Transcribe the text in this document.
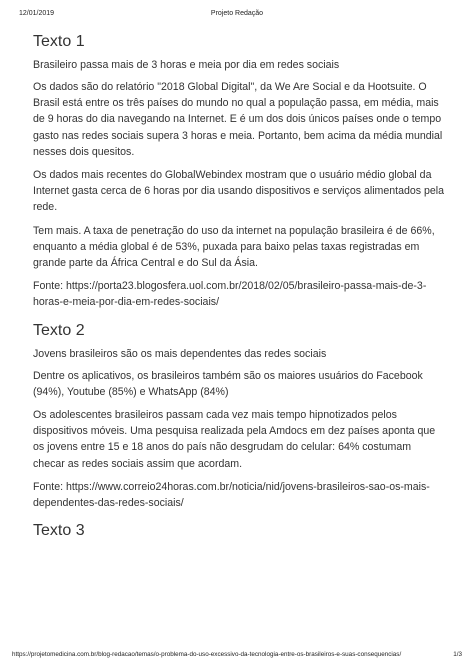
12/01/2019	Projeto Redação
Texto 1

Brasileiro passa mais de 3 horas e meia por dia em redes sociais

Os dados são do relatório "2018 Global Digital", da We Are Social e da Hootsuite. O Brasil está entre os três países do mundo no qual a população passa, em média, mais de 9 horas do dia navegando na Internet. E é um dos dois únicos países onde o tempo gasto nas redes sociais supera 3 horas e meia. Portanto, bem acima da média mundial nesses dois quesitos.

Os dados mais recentes do GlobalWebindex mostram que o usuário médio global da Internet gasta cerca de 6 horas por dia usando dispositivos e serviços alimentados pela rede.

Tem mais. A taxa de penetração do uso da internet na população brasileira é de 66%, enquanto a média global é de 53%, puxada para baixo pelas taxas registradas em grande parte da África Central e do Sul da Ásia.

Fonte: https://porta23.blogosfera.uol.com.br/2018/02/05/brasileiro-passa-mais-de-3-horas-e-meia-por-dia-em-redes-sociais/

Texto 2

Jovens brasileiros são os mais dependentes das redes sociais

Dentre os aplicativos, os brasileiros também são os maiores usuários do Facebook (94%), Youtube (85%) e WhatsApp (84%)

Os adolescentes brasileiros passam cada vez mais tempo hipnotizados pelos dispositivos móveis. Uma pesquisa realizada pela Amdocs em dez países aponta que os jovens entre 15 e 18 anos do país não desgrudam do celular: 64% costumam checar as redes sociais assim que acordam.

Fonte: https://www.correio24horas.com.br/noticia/nid/jovens-brasileiros-sao-os-mais-dependentes-das-redes-sociais/

Texto 3
https://projetomedicina.com.br/blog-redacao/temas/o-problema-do-uso-excessivo-da-tecnologia-entre-os-brasileiros-e-suas-consequencias/	1/3
